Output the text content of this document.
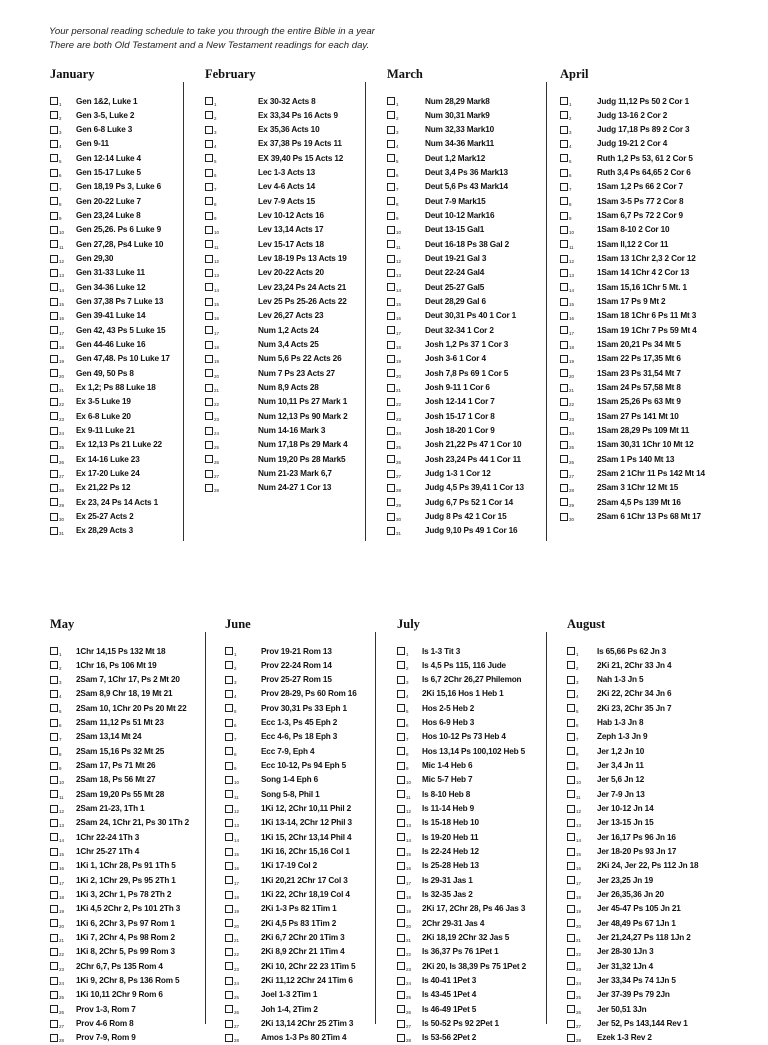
Your personal reading schedule to take you through the entire Bible in a year
There are both Old Testament and a New Testament readings for each day.
January
1 Gen 1&2, Luke 1
2 Gen 3-5, Luke 2
3 Gen 6-8 Luke 3
4 Gen 9-11
5 Gen 12-14 Luke 4
6 Gen 15-17 Luke 5
7 Gen 18,19 Ps 3, Luke 6
8 Gen 20-22 Luke 7
9 Gen 23,24 Luke 8
10 Gen 25,26. Ps 6 Luke 9
11 Gen 27,28, Ps4 Luke 10
12 Gen 29,30
13 Gen 31-33 Luke 11
14 Gen 34-36 Luke 12
15 Gen 37,38 Ps 7 Luke 13
16 Gen 39-41 Luke 14
17 Gen 42, 43 Ps 5 Luke 15
18 Gen 44-46 Luke 16
19 Gen 47,48. Ps 10 Luke 17
20 Gen 49, 50 Ps 8
21 Ex 1,2; Ps 88 Luke 18
22 Ex 3-5 Luke 19
23 Ex 6-8 Luke 20
24 Ex 9-11 Luke 21
25 Ex 12,13 Ps 21 Luke 22
26 Ex 14-16 Luke 23
27 Ex 17-20 Luke 24
28 Ex 21,22 Ps 12
29 Ex 23, 24 Ps 14 Acts 1
30 Ex 25-27 Acts 2
31 Ex 28,29 Acts 3
February
1	Ex 30-32 Acts 8
2	Ex 33,34 Ps 16 Acts 9
3	Ex 35,36 Acts 10
4	Ex 37,38 Ps 19 Acts 11
5	EX 39,40 Ps 15 Acts 12
6	Lec 1-3 Acts 13
7	Lev 4-6 Acts 14
8	Lev 7-9 Acts 15
9	Lev 10-12 Acts 16
10	Lev 13,14 Acts 17
11	Lev 15-17 Acts 18
12	Lev 18-19 Ps 13 Acts 19
13	Lev 20-22 Acts 20
14	Lev 23,24 Ps 24 Acts 21
15	Lev 25 Ps 25-26 Acts 22
16	Lev 26,27 Acts 23
17	Num 1,2 Acts 24
18	Num 3,4 Acts 25
19	Num 5,6 Ps 22 Acts 26
20	Num 7 Ps 23 Acts 27
21	Num 8,9 Acts 28
22	Num 10,11 Ps 27 Mark 1
23	Num 12,13 Ps 90 Mark 2
24	Num 14-16 Mark 3
25	Num 17,18 Ps 29 Mark 4
26	Num 19,20 Ps 28 Mark5
27	Num 21-23 Mark 6,7
28	Num 24-27 1 Cor 13
March
1	Num 28,29 Mark8
2	Num 30,31 Mark9
3	Num 32,33 Mark10
4	Num 34-36 Mark11
5	Deut 1,2 Mark12
6	Deut 3,4 Ps 36 Mark13
7	Deut 5,6 Ps 43 Mark14
8	Deut 7-9 Mark15
9	Deut 10-12 Mark16
10	Deut 13-15 Gal1
11	Deut 16-18 Ps 38 Gal 2
12	Deut 19-21 Gal 3
13	Deut 22-24 Gal4
14	Deut 25-27 Gal5
15	Deut 28,29 Gal 6
16	Deut 30,31 Ps 40 1 Cor 1
17	Deut 32-34 1 Cor 2
18	Josh 1,2 Ps 37 1 Cor 3
19	Josh 3-6 1 Cor 4
20	Josh 7,8 Ps 69 1 Cor 5
21	Josh 9-11 1 Cor 6
22	Josh 12-14 1 Cor 7
23	Josh 15-17 1 Cor 8
24	Josh 18-20 1 Cor 9
25	Josh 21,22 Ps 47 1 Cor 10
26	Josh 23,24 Ps 44 1 Cor 11
27	Judg 1-3 1 Cor 12
28	Judg 4,5 Ps 39,41 1 Cor 13
29	Judg 6,7 Ps 52 1 Cor 14
30	Judg 8 Ps 42 1 Cor 15
31	Judg 9,10 Ps 49 1 Cor 16
April
1	Judg 11,12 Ps 50 2 Cor 1
2	Judg 13-16 2 Cor 2
3	Judg 17,18 Ps 89 2 Cor 3
4	Judg 19-21 2 Cor 4
5	Ruth 1,2 Ps 53, 61 2 Cor 5
6	Ruth 3,4 Ps 64,65 2 Cor 6
7	1Sam 1,2 Ps 66 2 Cor 7
8	1Sam 3-5 Ps 77 2 Cor 8
9	1Sam 6,7 Ps 72 2 Cor 9
10	1Sam 8-10 2 Cor 10
11	1Sam ll,12 2 Cor 11
12	1Sam 13 1Chr 2,3 2 Cor 12
13	1Sam 14 1Chr 4 2 Cor 13
14	1Sam 15,16 1Chr 5 Mt. 1
15	1Sam 17 Ps 9 Mt 2
16	1Sam 18 1Chr 6 Ps 11 Mt 3
17	1Sam 19 1Chr 7 Ps 59 Mt 4
18	1Sam 20,21 Ps 34 Mt 5
19	1Sam 22 Ps 17,35 Mt 6
20	1Sam 23 Ps 31,54 Mt 7
21	1Sam 24 Ps 57,58 Mt 8
22	1Sam 25,26 Ps 63 Mt 9
23	1Sam 27 Ps 141 Mt 10
24	1Sam 28,29 Ps 109 Mt 11
25	1Sam 30,31 1Chr 10 Mt 12
26	2Sam 1 Ps 140 Mt 13
27	2Sam 2 1Chr 11 Ps 142 Mt 14
28	2Sam 3 1Chr 12 Mt 15
29	2Sam 4,5 Ps 139 Mt 16
30	2Sam 6 1Chr 13 Ps 68 Mt 17
May
1 1Chr 14,15 Ps 132 Mt 18
2 1Chr 16, Ps 106 Mt 19
3 2Sam 7, 1Chr 17, Ps 2 Mt 20
4 2Sam 8,9 Chr 18, 19 Mt 21
5 2Sam 10, 1Chr 20 Ps 20 Mt 22
6 2Sam 11,12 Ps 51 Mt 23
7 2Sam 13,14 Mt 24
8 2Sam 15,16 Ps 32 Mt 25
9 2Sam 17, Ps 71 Mt 26
10 2Sam 18, Ps 56 Mt 27
11 2Sam 19,20 Ps 55 Mt 28
12 2Sam 21-23, 1Th 1
13 2Sam 24, 1Chr 21, Ps 30 1Th 2
14 1Chr 22-24 1Th 3
15 1Chr 25-27 1Th 4
16 1Ki 1, 1Chr 28, Ps 91 1Th 5
17 1Ki 2, 1Chr 29, Ps 95 2Th 1
18 1Ki 3, 2Chr 1, Ps 78 2Th 2
19 1Ki 4,5 2Chr 2, Ps 101 2Th 3
20 1Ki 6, 2Chr 3, Ps 97 Rom 1
21 1Ki 7, 2Chr 4, Ps 98 Rom 2
22 1Ki 8, 2Chr 5, Ps 99 Rom 3
23 2Chr 6,7, Ps 135 Rom 4
24 1Ki 9, 2Chr 8, Ps 136 Rom 5
25 1Ki 10,11 2Chr 9 Rom 6
26 Prov 1-3, Rom 7
27 Prov 4-6 Rom 8
28 Prov 7-9, Rom 9
June
1	Prov 19-21 Rom 13
2	Prov 22-24 Rom 14
3	Prov 25-27 Rom 15
4	Prov 28-29, Ps 60 Rom 16
5	Prov 30,31 Ps 33 Eph 1
6	Ecc 1-3, Ps 45 Eph 2
7	Ecc 4-6, Ps 18 Eph 3
8	Ecc 7-9, Eph 4
9	Ecc 10-12, Ps 94 Eph 5
10	Song 1-4 Eph 6
11	Song 5-8, Phil 1
12	1Ki 12, 2Chr 10,11 Phil 2
13	1Ki 13-14, 2Chr 12 Phil 3
14	1Ki 15, 2Chr 13,14 Phil 4
15	1Ki 16, 2Chr 15,16 Col 1
16	1Ki 17-19 Col 2
17	1Ki 20,21 2Chr 17 Col 3
18	1Ki 22, 2Chr 18,19 Col 4
19	2Ki 1-3 Ps 82 1Tim 1
20	2Ki 4,5 Ps 83 1Tim 2
21	2Ki 6,7 2Chr 20 1Tim 3
22	2Ki 8,9 2Chr 21 1Tim 4
23	2Ki 10, 2Chr 22 23 1Tim 5
24	2Ki 11,12 2Chr 24 1Tim 6
25	Joel 1-3 2Tim 1
26	Joh 1-4, 2Tim 2
27	2Ki 13,14 2Chr 25 2Tim 3
28	Amos 1-3 Ps 80 2Tim 4
July
1 Is 1-3 Tit 3
2 Is 4,5 Ps 115, 116 Jude
3 Is 6,7 2Chr 26,27 Philemon
4 2Ki 15,16 Hos 1 Heb 1
5 Hos 2-5 Heb 2
6 Hos 6-9 Heb 3
7 Hos 10-12 Ps 73 Heb 4
8 Hos 13,14 Ps 100,102 Heb 5
9 Mic 1-4 Heb 6
10 Mic 5-7 Heb 7
11 Is 8-10 Heb 8
12 Is 11-14 Heb 9
13 Is 15-18 Heb 10
14 Is 19-20 Heb 11
15 Is 22-24 Heb 12
16 Is 25-28 Heb 13
17 Is 29-31 Jas 1
18 Is 32-35 Jas 2
19 2Ki 17, 2Chr 28, Ps 46 Jas 3
20 2Chr 29-31 Jas 4
21 2Ki 18,19 2Chr 32 Jas 5
22 Is 36,37 Ps 76 1Pet 1
23 2Ki 20, Is 38,39 Ps 75 1Pet 2
24 Is 40-41 1Pet 3
25 Is 43-45 1Pet 4
26 Is 46-49 1Pet 5
27 Is 50-52 Ps 92 2Pet 1
28 Is 53-56 2Pet 2
August
1 Is 65,66 Ps 62 Jn 3
2 2Ki 21, 2Chr 33 Jn 4
3 Nah 1-3 Jn 5
4 2Ki 22, 2Chr 34 Jn 6
5 2Ki 23, 2Chr 35 Jn 7
6 Hab 1-3 Jn 8
7 Zeph 1-3 Jn 9
8 Jer 1,2 Jn 10
9 Jer 3,4 Jn 11
10 Jer 5,6 Jn 12
11 Jer 7-9 Jn 13
12 Jer 10-12 Jn 14
13 Jer 13-15 Jn 15
14 Jer 16,17 Ps 96 Jn 16
15 Jer 18-20 Ps 93 Jn 17
16 2Ki 24, Jer 22, Ps 112 Jn 18
17 Jer 23,25 Jn 19
18 Jer 26,35,36 Jn 20
19 Jer 45-47 Ps 105 Jn 21
20 Jer 48,49 Ps 67 1Jn 1
21 Jer 21,24,27 Ps 118 1Jn 2
22 Jer 28-30 1Jn 3
23 Jer 31,32 1Jn 4
24 Jer 33,34 Ps 74 1Jn 5
25 Jer 37-39 Ps 79 2Jn
26 Jer 50,51 3Jn
27 Jer 52, Ps 143,144 Rev 1
28 Ezek 1-3 Rev 2
